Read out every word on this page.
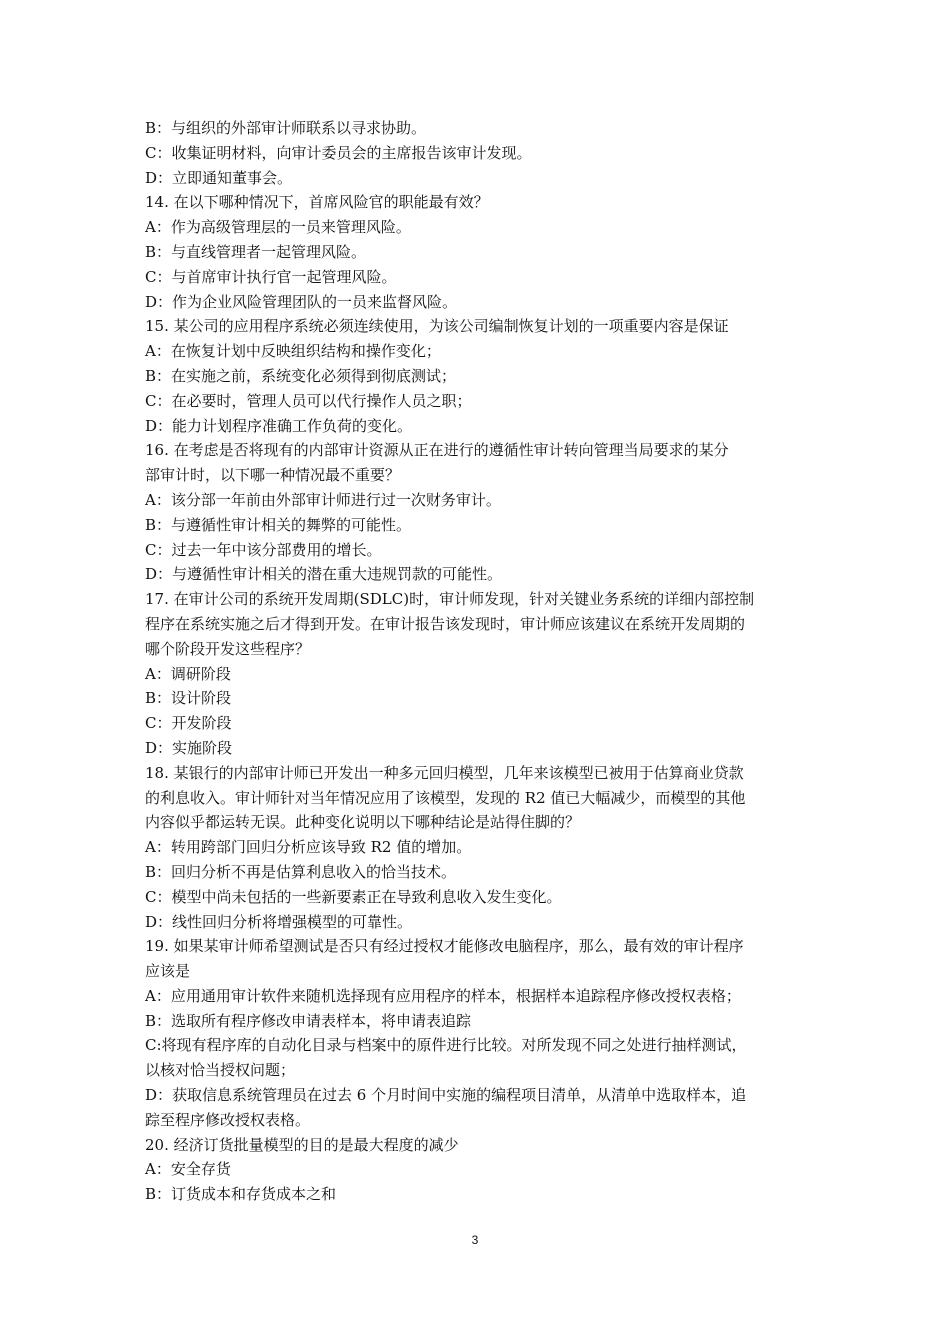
B：与组织的外部审计师联系以寻求协助。
C：收集证明材料，向审计委员会的主席报告该审计发现。
D：立即通知董事会。
14. 在以下哪种情况下，首席风险官的职能最有效？
A：作为高级管理层的一员来管理风险。
B：与直线管理者一起管理风险。
C：与首席审计执行官一起管理风险。
D：作为企业风险管理团队的一员来监督风险。
15. 某公司的应用程序系统必须连续使用，为该公司编制恢复计划的一项重要内容是保证
A：在恢复计划中反映组织结构和操作变化；
B：在实施之前，系统变化必须得到彻底测试；
C：在必要时，管理人员可以代行操作人员之职；
D：能力计划程序准确工作负荷的变化。
16. 在考虑是否将现有的内部审计资源从正在进行的遵循性审计转向管理当局要求的某分
部审计时，以下哪一种情况最不重要？
A：该分部一年前由外部审计师进行过一次财务审计。
B：与遵循性审计相关的舞弊的可能性。
C：过去一年中该分部费用的增长。
D：与遵循性审计相关的潜在重大违规罚款的可能性。
17. 在审计公司的系统开发周期(SDLC)时，审计师发现，针对关键业务系统的详细内部控制
程序在系统实施之后才得到开发。在审计报告该发现时，审计师应该建议在系统开发周期的
哪个阶段开发这些程序？
A：调研阶段
B：设计阶段
C：开发阶段
D：实施阶段
18. 某银行的内部审计师已开发出一种多元回归模型，几年来该模型已被用于估算商业贷款
的利息收入。审计师针对当年情况应用了该模型，发现的 R2 值已大幅减少，而模型的其他
内容似乎都运转无误。此种变化说明以下哪种结论是站得住脚的？
A：转用跨部门回归分析应该导致 R2 值的增加。
B：回归分析不再是估算利息收入的恰当技术。
C：模型中尚未包括的一些新要素正在导致利息收入发生变化。
D：线性回归分析将增强模型的可靠性。
19. 如果某审计师希望测试是否只有经过授权才能修改电脑程序，那么，最有效的审计程序
应该是
A：应用通用审计软件来随机选择现有应用程序的样本，根据样本追踪程序修改授权表格；
B：选取所有程序修改申请表样本，将申请表追踪
C:将现有程序库的自动化目录与档案中的原件进行比较。对所发现不同之处进行抽样测试，
以核对恰当授权问题；
D：获取信息系统管理员在过去 6 个月时间中实施的编程项目清单，从清单中选取样本，追
踪至程序修改授权表格。
20. 经济订货批量模型的目的是最大程度的减少
A：安全存货
B：订货成本和存货成本之和
3
